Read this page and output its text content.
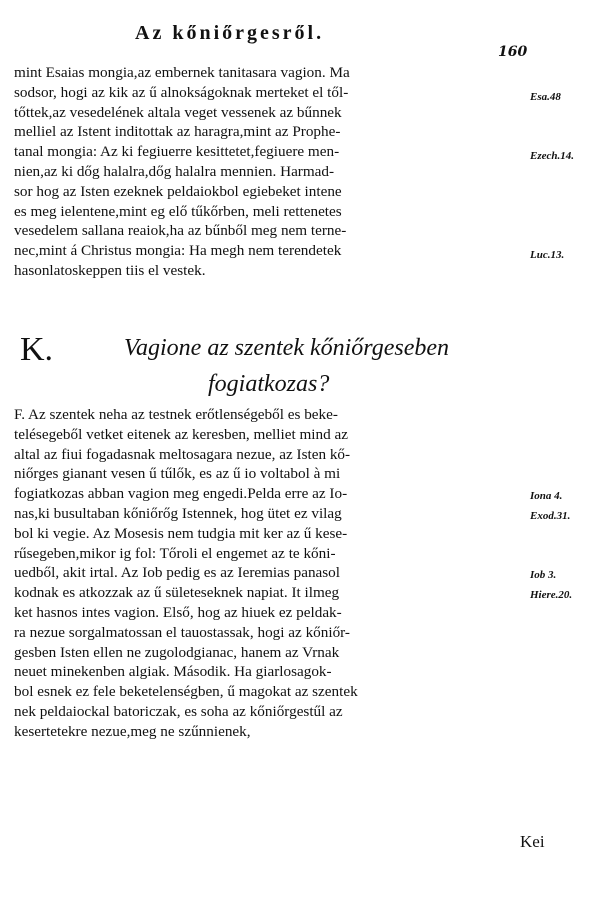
Az kőniőrgesről.
160
mint Esaias mongia,az embernek tanitasara vagion. Ma
sodsor, hogi az kik az ű alnokságoknak merteket el től-
tőttek,az vesedelének altala veget vessenek az bűnnek
melliel az Istent inditottak az haragra,mint az Prophe-
tanal mongia: Az ki fegiuerre kesittetet,fegiuere men-
nien,az ki dőg halalra,dőg halalra mennien. Harmad-
sor hog az Isten ezeknek peldaiokbol egiebeket intene
es meg ielentene,mint eg elő tűkőrben, meli rettenetes
vesedelem sallana reaiok,ha az bűnből meg nem terne-
nec,mint á Christus mongia: Ha megh nem terendetek
hasonlatoskeppen tiis el vestek.
K.	Vagione az szentek kőniőrgeseben
fogiatkozas?
F. Az szentek neha az testnek erőtlenségeből es beke-
telésegeből vetket eitenek az keresben, melliet mind az
altal az fiui fogadasnak meltosagara nezue, az Isten kő-
niőrges gianant vesen ű tűlők, es az ű io voltabol à mi
fogiatkozas abban vagion meg engedi.Pelda erre az Io-
nas,ki busultaban kőniőrőg Istennek, hog ütet ez vilag
bol ki vegie. Az Mosesis nem tudgia mit ker az ű kese-
rűsegeben,mikor ig fol: Tőroli el engemet az te kőni-
uedből, akit irtal. Az Iob pedig es az Ieremias panasol
kodnak es atkozzak az ű sületeseknek napiat. It ilmeg
ket hasnos intes vagion. Első, hog az hiuek ez peldak-
ra nezue sorgalmatossan el tauostassak, hogi az kőniőr-
gesben Isten ellen ne zugolodgianac, hanem az Vrnak
neuet minekenben algiak. Második. Ha giarlosagok-
bol esnek ez fele beketelenségben, ű magokat az szentek
nek peldaiockal batoriczak, es soha az kőniőrgestűl az
kesertetekre nezue,meg ne szűnnienek,
Esa.48
Ezech.14.
Luc.13.
Iona 4.
Exod.31.
Iob 3.
Hiere.20.
Kei
